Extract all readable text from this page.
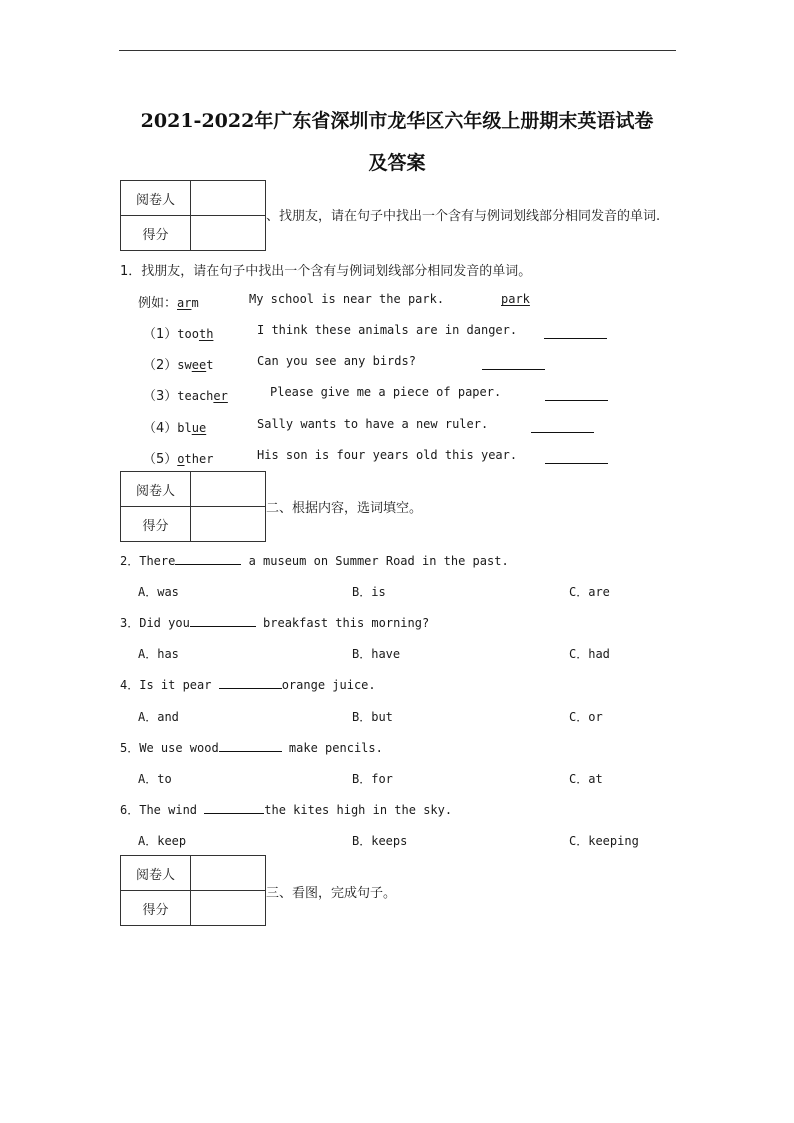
2021-2022年广东省深圳市龙华区六年级上册期末英语试卷
及答案
阅卷人	
得分	
、找朋友，请在句子中找出一个含有与例词划线部分相同发音的单词.
1．找朋友，请在句子中找出一个含有与例词划线部分相同发音的单词。
例如：arm	My school is near the park.	park
（1）tooth	I think these animals are in danger.
（2）sweet	Can you see any birds?
（3）teacher	Please give me a piece of paper.
（4）blue	Sally wants to have a new ruler.
（5）other	His son is four years old this year.
阅卷人	
得分	
二、根据内容，选词填空。
2．There	a museum on Summer Road in the past.
A．was	B．is	C．are
3．Did you	breakfast this morning?
A．has	B．have	C．had
4．Is it pear	orange juice.
A．and	B．but	C．or
5．We use wood	make pencils.
A．to	B．for	C．at
6．The wind	the kites high in the sky.
A．keep	B．keeps	C．keeping
阅卷人	
得分	
三、看图，完成句子。
